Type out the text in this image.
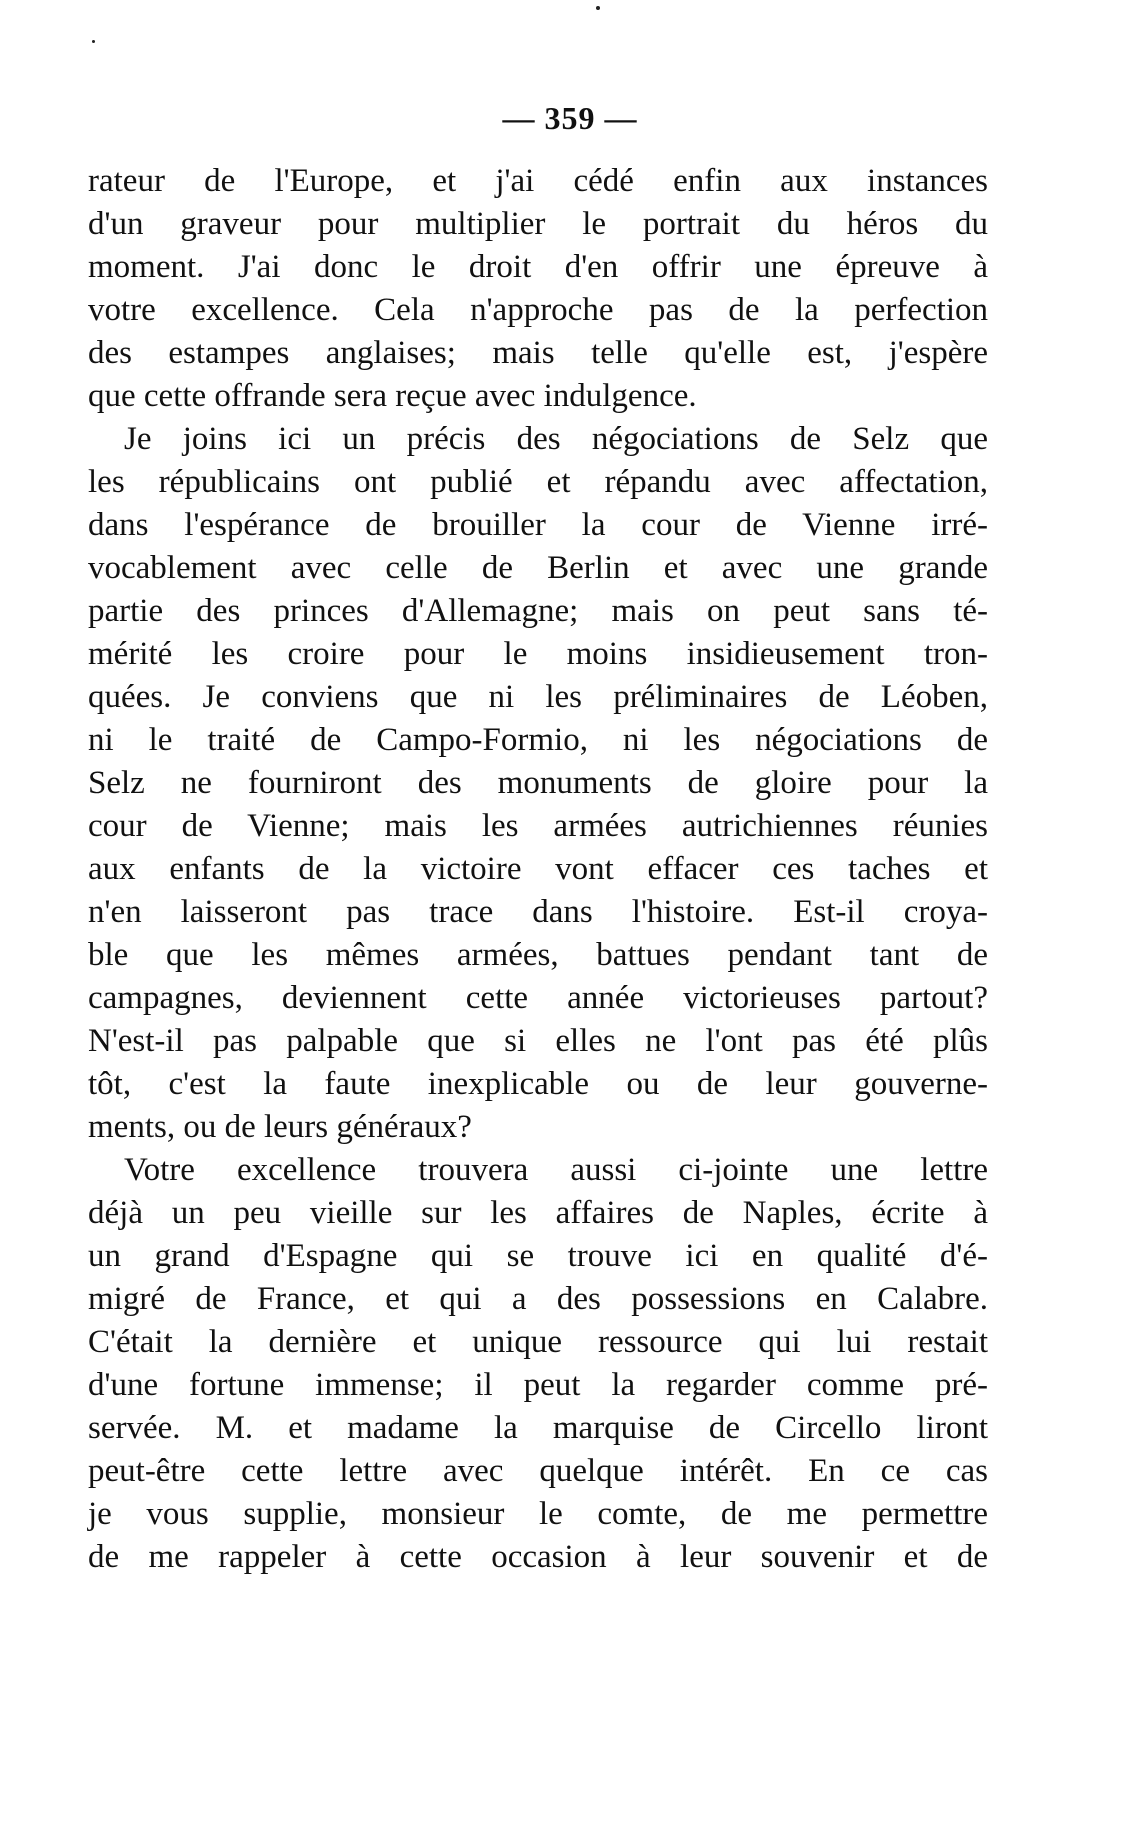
— 359 —
rateur de l'Europe, et j'ai cédé enfin aux instances
d'un graveur pour multiplier le portrait du héros du
moment. J'ai donc le droit d'en offrir une épreuve à
votre excellence. Cela n'approche pas de la perfection
des estampes anglaises; mais telle qu'elle est, j'espère
que cette offrande sera reçue avec indulgence.
Je joins ici un précis des négociations de Selz que
les républicains ont publié et répandu avec affectation,
dans l'espérance de brouiller la cour de Vienne irré-
vocablement avec celle de Berlin et avec une grande
partie des princes d'Allemagne; mais on peut sans té-
mérité les croire pour le moins insidieusement tron-
quées. Je conviens que ni les préliminaires de Léoben,
ni le traité de Campo-Formio, ni les négociations de
Selz ne fourniront des monuments de gloire pour la
cour de Vienne; mais les armées autrichiennes réunies
aux enfants de la victoire vont effacer ces taches et
n'en laisseront pas trace dans l'histoire. Est-il croya-
ble que les mêmes armées, battues pendant tant de
campagnes, deviennent cette année victorieuses partout?
N'est-il pas palpable que si elles ne l'ont pas été plûs
tôt, c'est la faute inexplicable ou de leur gouverne-
ments, ou de leurs généraux?
Votre excellence trouvera aussi ci-jointe une lettre
déjà un peu vieille sur les affaires de Naples, écrite à
un grand d'Espagne qui se trouve ici en qualité d'é-
migré de France, et qui a des possessions en Calabre.
C'était la dernière et unique ressource qui lui restait
d'une fortune immense; il peut la regarder comme pré-
servée. M. et madame la marquise de Circello liront
peut-être cette lettre avec quelque intérêt. En ce cas
je vous supplie, monsieur le comte, de me permettre
de me rappeler à cette occasion à leur souvenir et de
